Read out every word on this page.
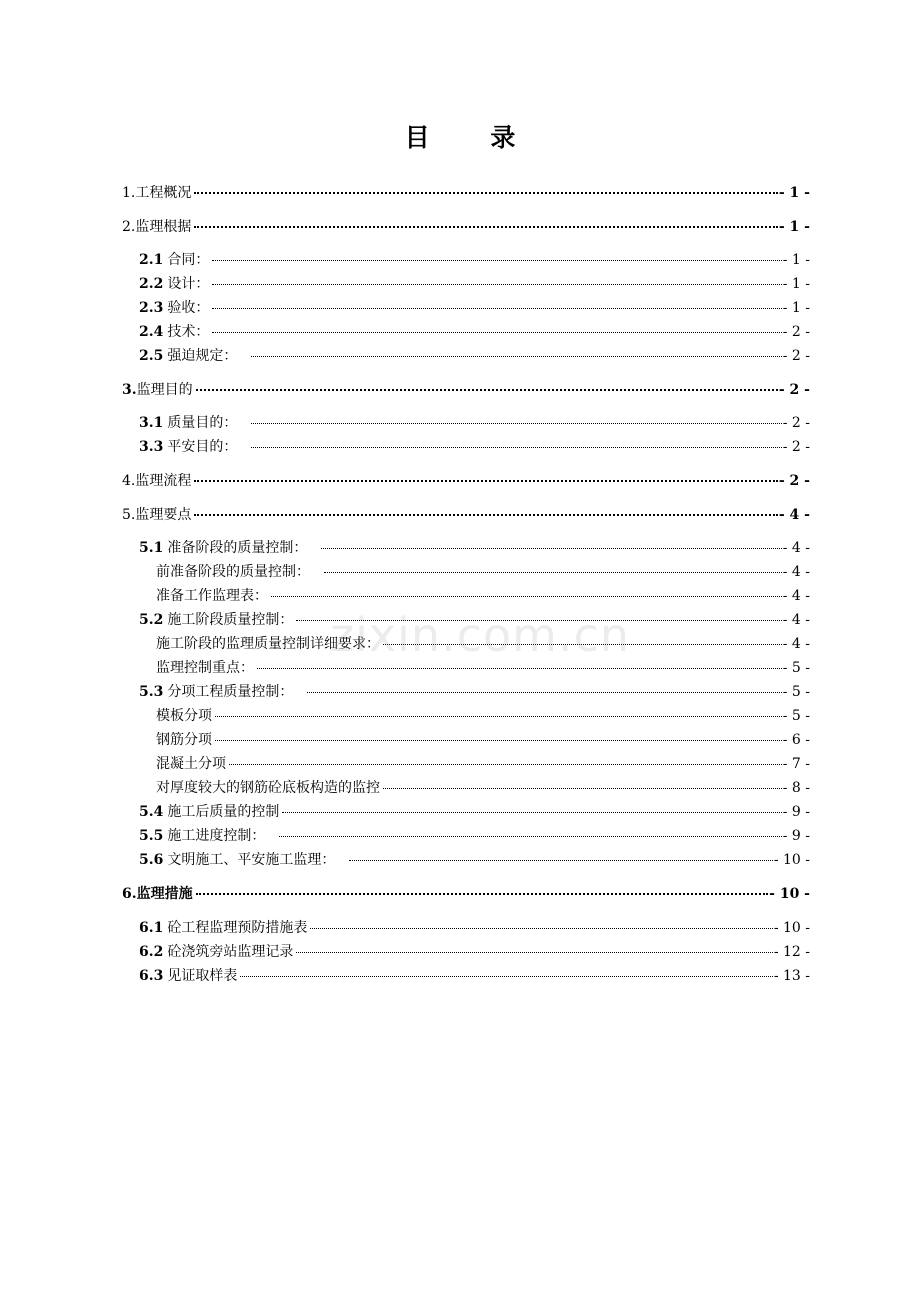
目 录
1. 工程概况	- 1 -
2. 监理根据	- 1 -
2.1 合同：	- 1 -
2.2 设计：	- 1 -
2.3 验收：	- 1 -
2.4 技术：	- 2 -
2.5 强迫规定：	- 2 -
3. 监理目的	- 2 -
3.1 质量目的：	- 2 -
3.3 平安目的：	- 2 -
4. 监理流程	- 2 -
5. 监理要点	- 4 -
5.1 准备阶段的质量控制：	- 4 -
前准备阶段的质量控制：	- 4 -
准备工作监理表：	- 4 -
5.2 施工阶段质量控制：	- 4 -
施工阶段的监理质量控制详细要求：	- 4 -
监理控制重点：	- 5 -
5.3 分项工程质量控制：	- 5 -
模板分项	- 5 -
钢筋分项	- 6 -
混凝土分项	- 7 -
对厚度较大的钢筋砼底板构造的监控	- 8 -
5.4 施工后质量的控制	- 9 -
5.5 施工进度控制：	- 9 -
5.6 文明施工、平安施工监理：	- 10 -
6. 监理措施	- 10 -
6.1 砼工程监理预防措施表	- 10 -
6.2 砼浇筑旁站监理记录	- 12 -
6.3 见证取样表	- 13 -
zixin.com.cn
